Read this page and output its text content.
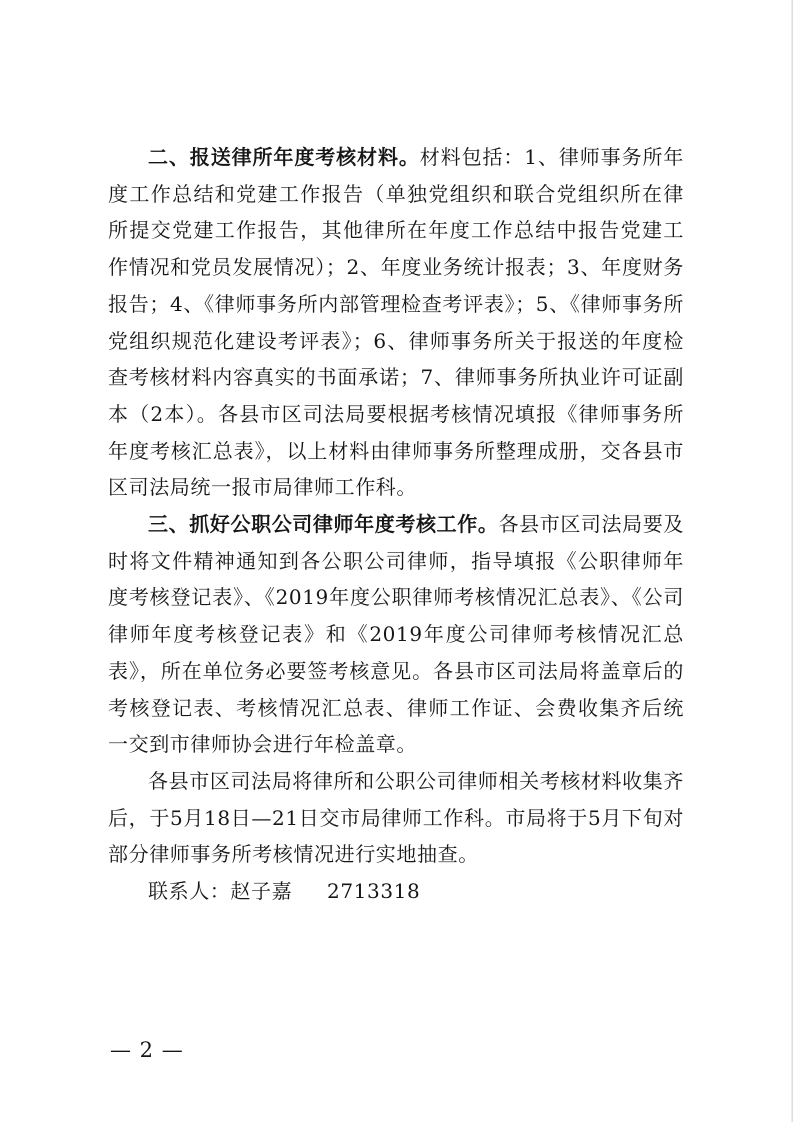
二、报送律所年度考核材料。材料包括：1、律师事务所年度工作总结和党建工作报告（单独党组织和联合党组织所在律所提交党建工作报告，其他律所在年度工作总结中报告党建工作情况和党员发展情况）；2、年度业务统计报表；3、年度财务报告；4、《律师事务所内部管理检查考评表》；5、《律师事务所党组织规范化建设考评表》；6、律师事务所关于报送的年度检查考核材料内容真实的书面承诺；7、律师事务所执业许可证副本（2本）。各县市区司法局要根据考核情况填报《律师事务所年度考核汇总表》，以上材料由律师事务所整理成册，交各县市区司法局统一报市局律师工作科。

三、抓好公职公司律师年度考核工作。各县市区司法局要及时将文件精神通知到各公职公司律师，指导填报《公职律师年度考核登记表》、《2019年度公职律师考核情况汇总表》、《公司律师年度考核登记表》和《2019年度公司律师考核情况汇总表》，所在单位务必要签考核意见。各县市区司法局将盖章后的考核登记表、考核情况汇总表、律师工作证、会费收集齐后统一交到市律师协会进行年检盖章。

各县市区司法局将律所和公职公司律师相关考核材料收集齐后，于5月18日—21日交市局律师工作科。市局将于5月下旬对部分律师事务所考核情况进行实地抽查。

联系人：赵子嘉 2713318

— 2 —
